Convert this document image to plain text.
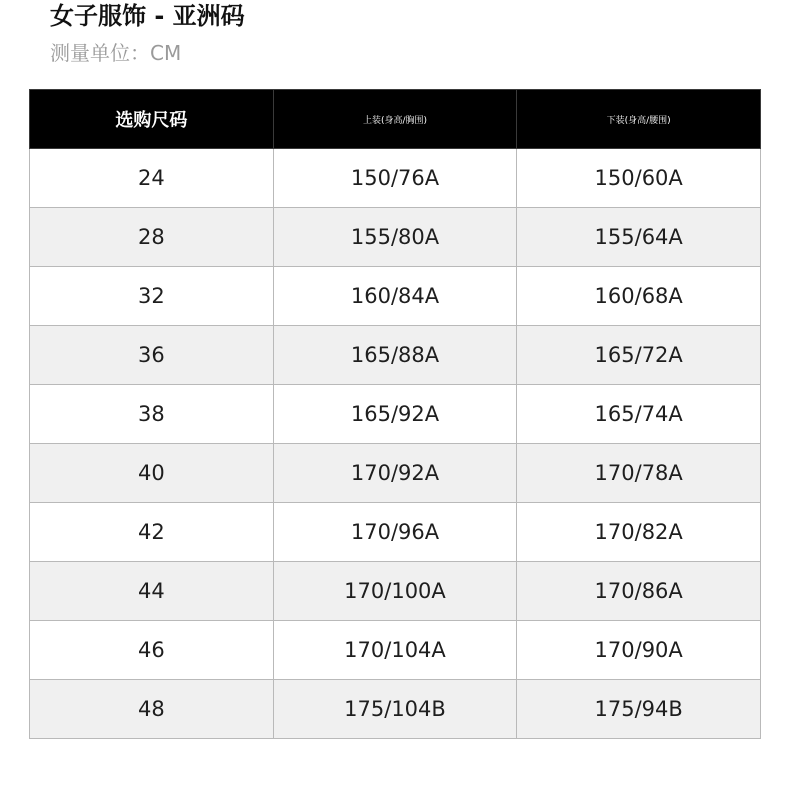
女子服饰 - 亚洲码
测量单位：CM
选购尺码	上装(身高/胸围)	下装(身高/腰围)
24	150/76A	150/60A
28	155/80A	155/64A
32	160/84A	160/68A
36	165/88A	165/72A
38	165/92A	165/74A
40	170/92A	170/78A
42	170/96A	170/82A
44	170/100A	170/86A
46	170/104A	170/90A
48	175/104B	175/94B
